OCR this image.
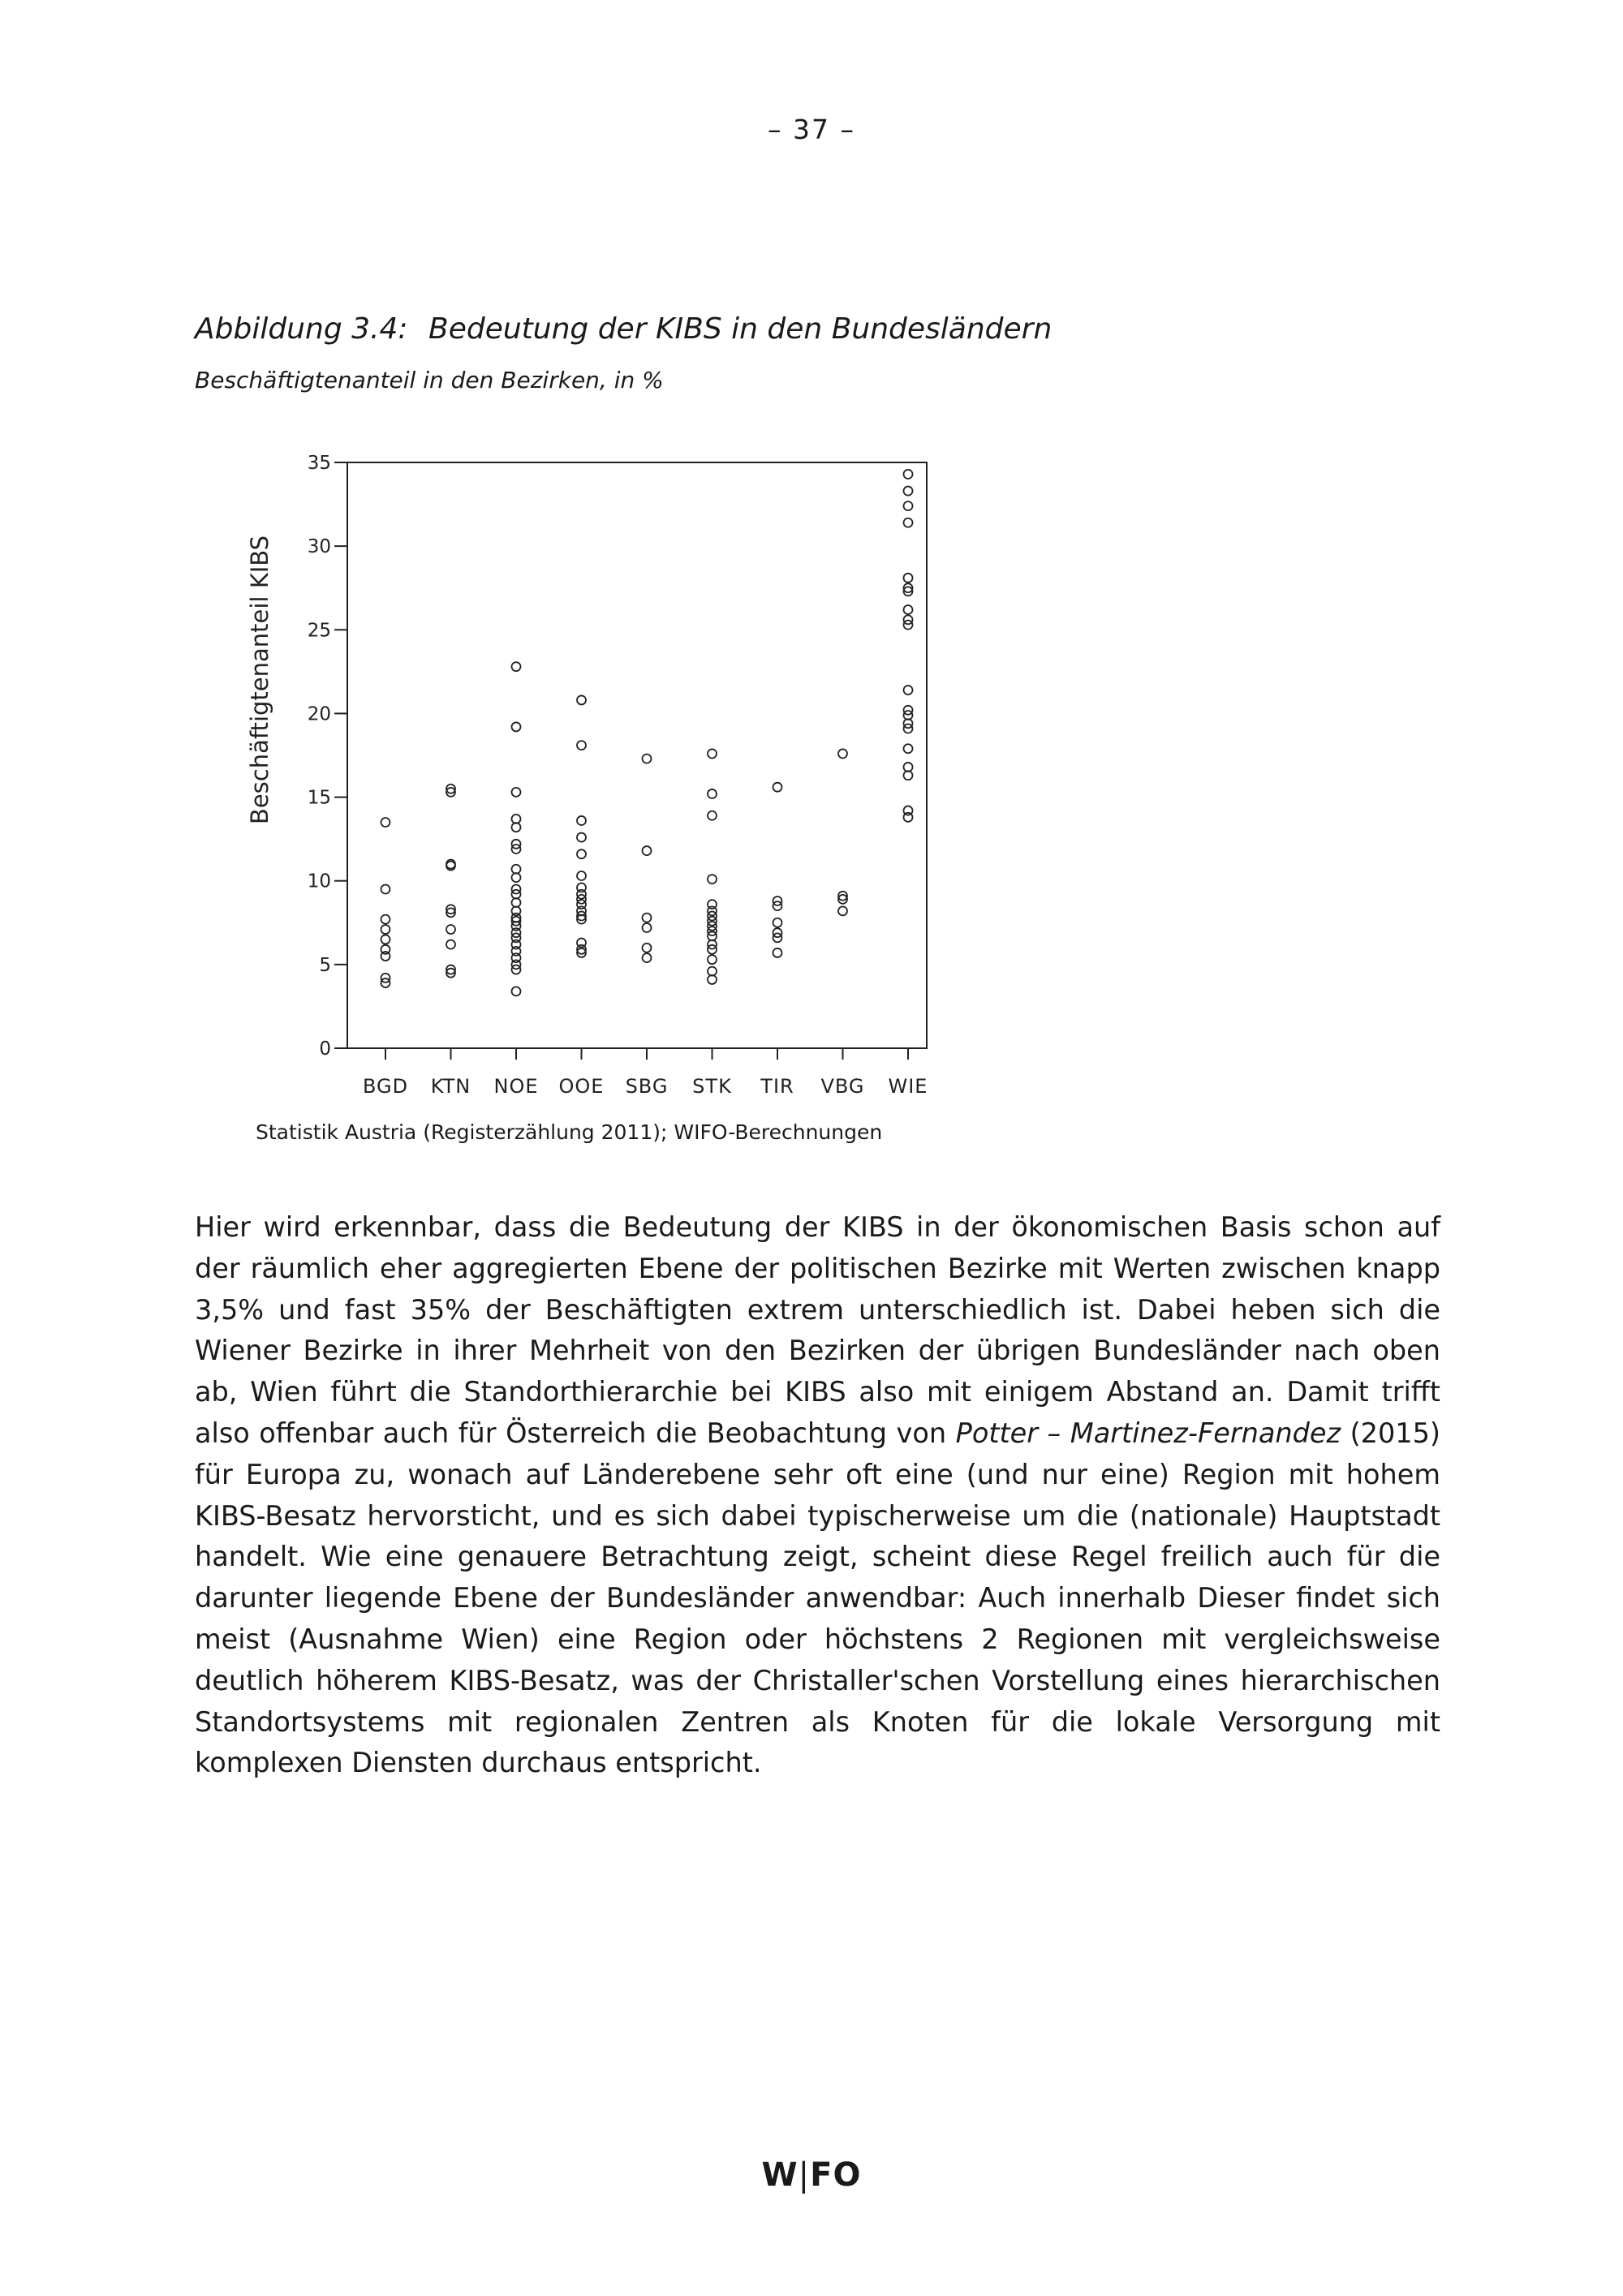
– 37 –
Abbildung 3.4: Bedeutung der KIBS in den Bundesländern
Beschäftigtenanteil in den Bezirken, in %
Beschäftigtenanteil KIBS
0
5
10
15
20
25
30
35
BGD KTN NOE OOE SBG STK TIR VBG WIE
Statistik Austria (Registerzählung 2011); WIFO-Berechnungen
Hier wird erkennbar, dass die Bedeutung der KIBS in der ökonomischen Basis schon auf der räumlich eher aggregierten Ebene der politischen Bezirke mit Werten zwischen knapp 3,5% und fast 35% der Beschäftigten extrem unterschiedlich ist. Dabei heben sich die Wiener Bezirke in ihrer Mehrheit von den Bezirken der übrigen Bundesländer nach oben ab, Wien führt die Standorthierarchie bei KIBS also mit einigem Abstand an. Damit trifft also offenbar auch für Österreich die Beobachtung von Potter – Martinez-Fernandez (2015) für Europa zu, wonach auf Länderebene sehr oft eine (und nur eine) Region mit hohem KIBS-Besatz hervorsticht, und es sich dabei typischerweise um die (nationale) Hauptstadt handelt. Wie eine genauere Betrachtung zeigt, scheint diese Regel freilich auch für die darunter liegende Ebene der Bundesländer anwendbar: Auch innerhalb Dieser findet sich meist (Ausnahme Wien) eine Region oder höchstens 2 Regionen mit vergleichsweise deutlich höherem KIBS-Besatz, was der Christaller'schen Vorstellung eines hierarchischen Standortsystems mit regionalen Zentren als Knoten für die lokale Versorgung mit komplexen Diensten durchaus entspricht.
W|FO
